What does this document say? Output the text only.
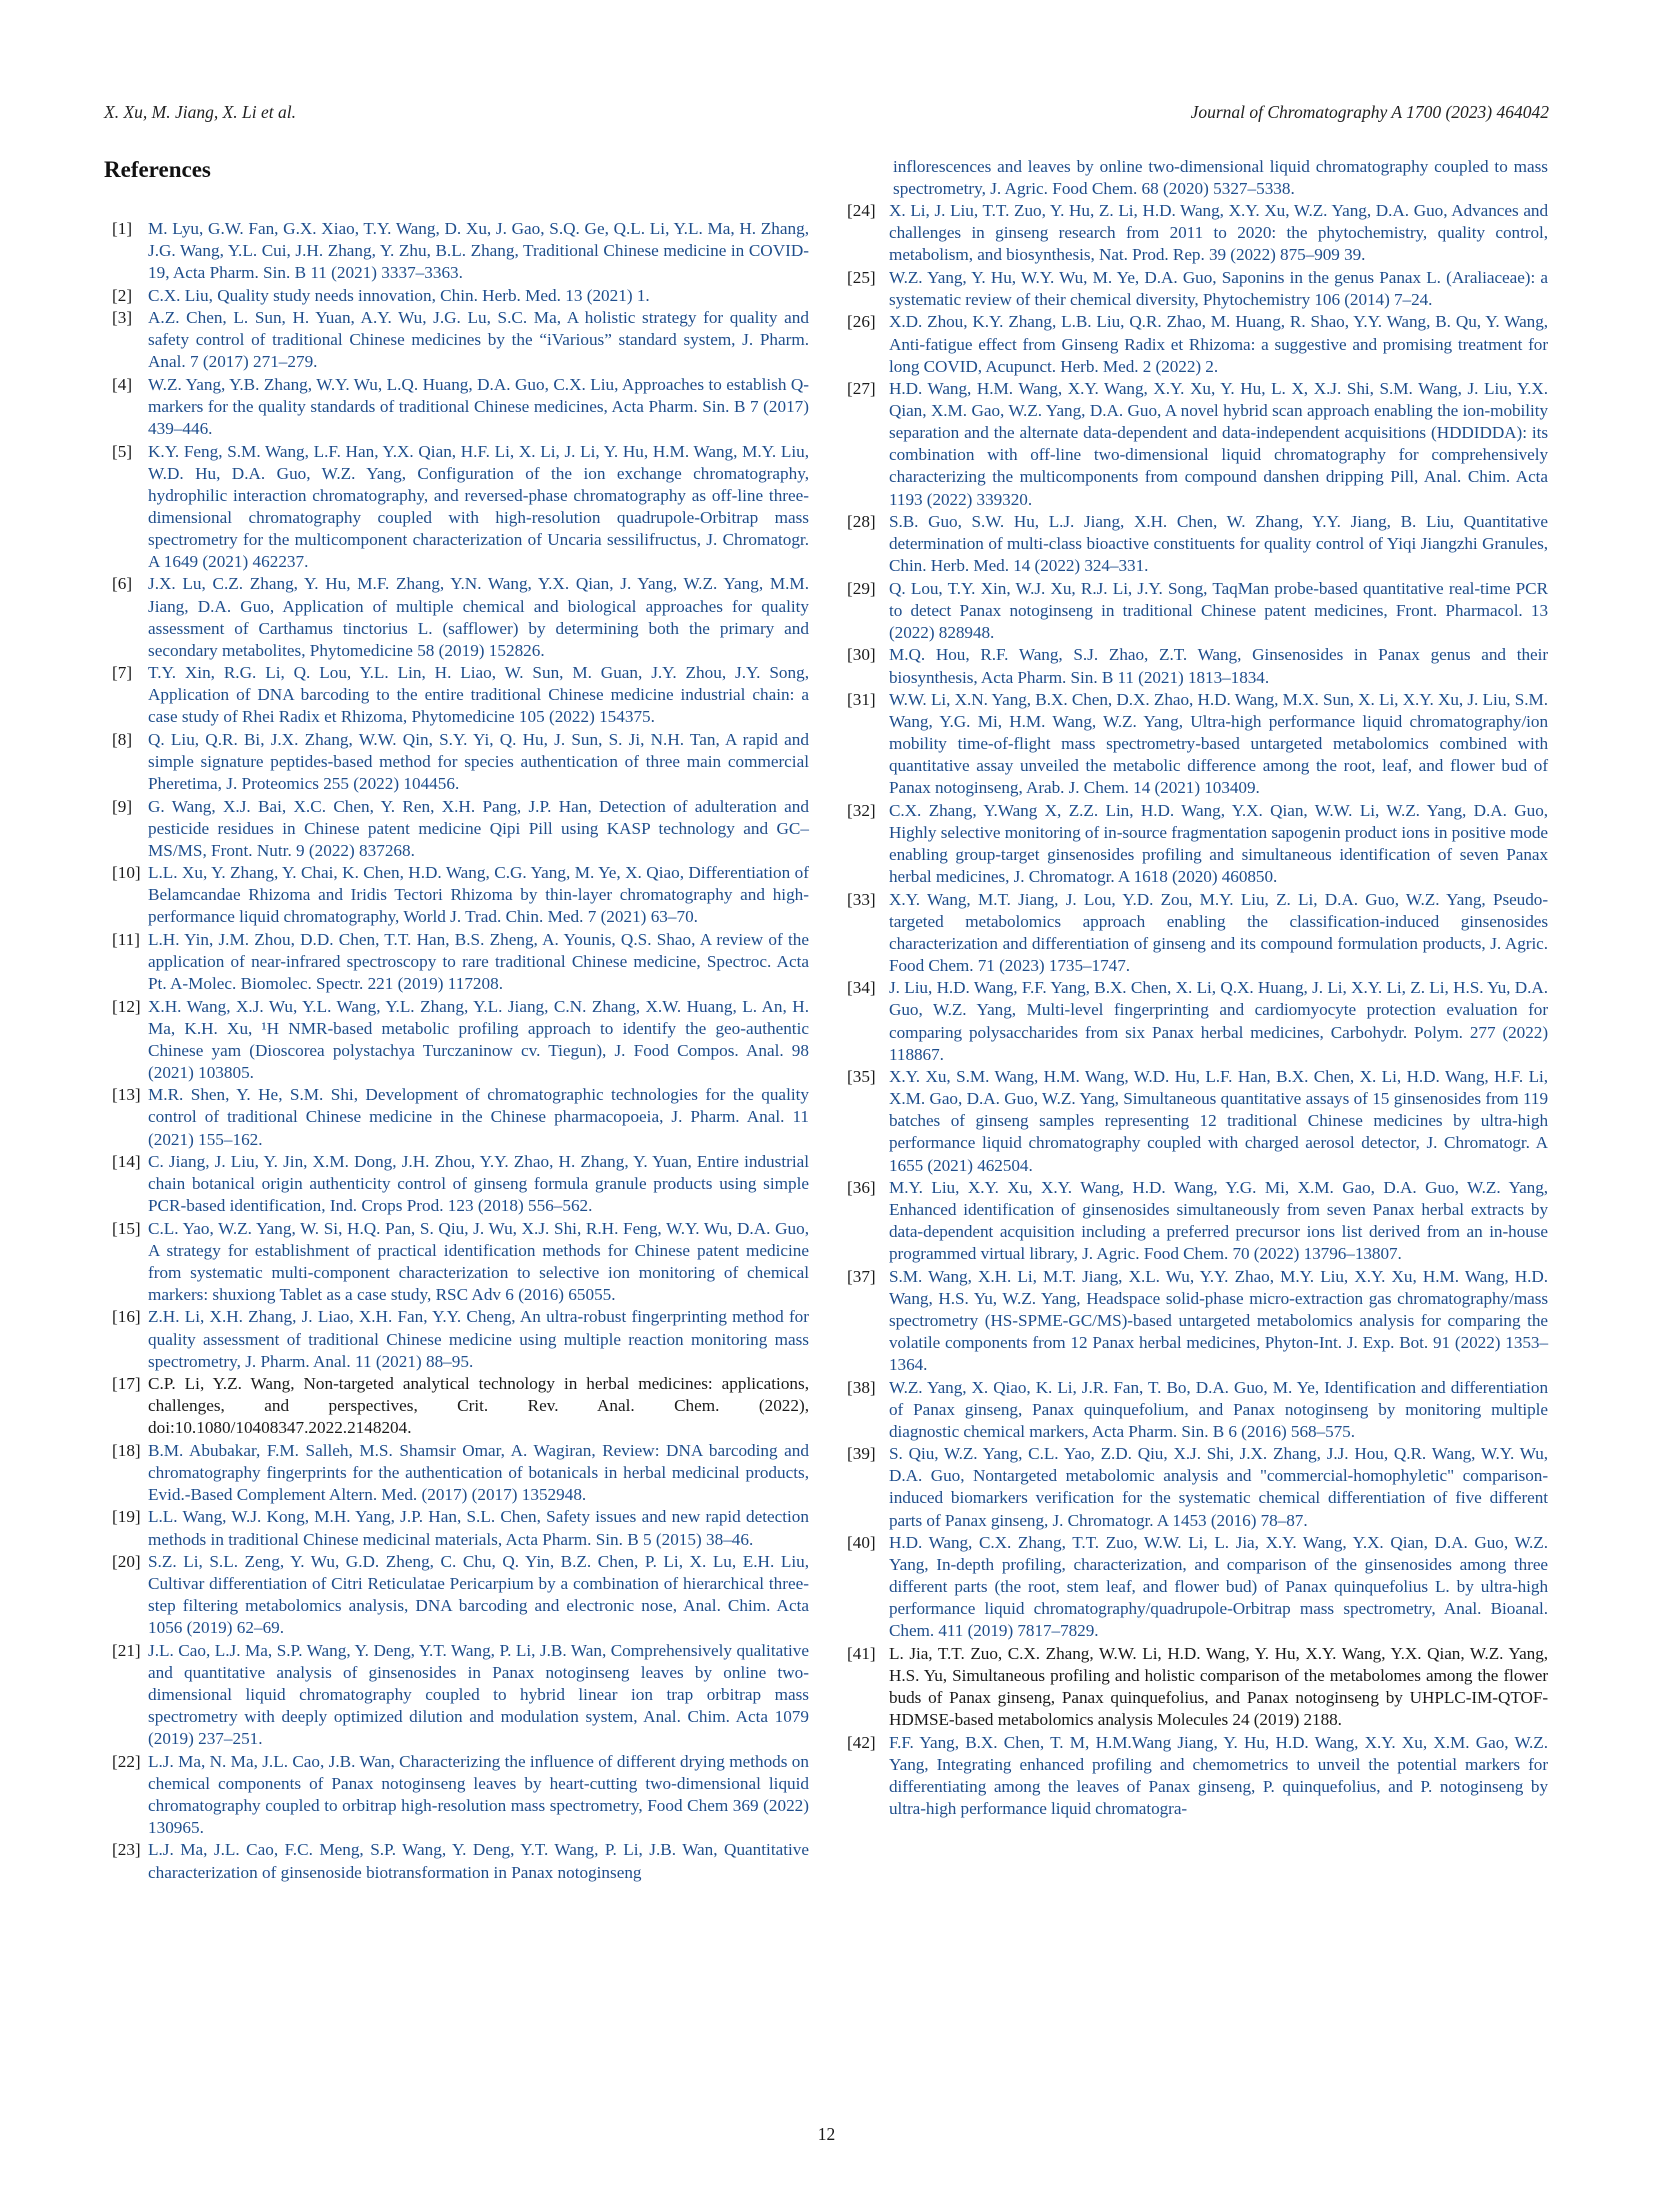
X. Xu, M. Jiang, X. Li et al.	Journal of Chromatography A 1700 (2023) 464042
References
[1] M. Lyu, G.W. Fan, G.X. Xiao, T.Y. Wang, D. Xu, J. Gao, S.Q. Ge, Q.L. Li, Y.L. Ma, H. Zhang, J.G. Wang, Y.L. Cui, J.H. Zhang, Y. Zhu, B.L. Zhang, Traditional Chinese medicine in COVID-19, Acta Pharm. Sin. B 11 (2021) 3337–3363.
[2] C.X. Liu, Quality study needs innovation, Chin. Herb. Med. 13 (2021) 1.
[3] A.Z. Chen, L. Sun, H. Yuan, A.Y. Wu, J.G. Lu, S.C. Ma, A holistic strategy for quality and safety control of traditional Chinese medicines by the “iVarious” standard system, J. Pharm. Anal. 7 (2017) 271–279.
[4] W.Z. Yang, Y.B. Zhang, W.Y. Wu, L.Q. Huang, D.A. Guo, C.X. Liu, Approaches to establish Q-markers for the quality standards of traditional Chinese medicines, Acta Pharm. Sin. B 7 (2017) 439–446.
[5] K.Y. Feng, S.M. Wang, L.F. Han, Y.X. Qian, H.F. Li, X. Li, J. Li, Y. Hu, H.M. Wang, M.Y. Liu, W.D. Hu, D.A. Guo, W.Z. Yang, Configuration of the ion exchange chromatography, hydrophilic interaction chromatography, and reversed-phase chromatography as off-line three-dimensional chromatography coupled with high-resolution quadrupole-Orbitrap mass spectrometry for the multicomponent characterization of Uncaria sessilifructus, J. Chromatogr. A 1649 (2021) 462237.
[6] J.X. Lu, C.Z. Zhang, Y. Hu, M.F. Zhang, Y.N. Wang, Y.X. Qian, J. Yang, W.Z. Yang, M.M. Jiang, D.A. Guo, Application of multiple chemical and biological approaches for quality assessment of Carthamus tinctorius L. (safflower) by determining both the primary and secondary metabolites, Phytomedicine 58 (2019) 152826.
[7] T.Y. Xin, R.G. Li, Q. Lou, Y.L. Lin, H. Liao, W. Sun, M. Guan, J.Y. Zhou, J.Y. Song, Application of DNA barcoding to the entire traditional Chinese medicine industrial chain: a case study of Rhei Radix et Rhizoma, Phytomedicine 105 (2022) 154375.
[8] Q. Liu, Q.R. Bi, J.X. Zhang, W.W. Qin, S.Y. Yi, Q. Hu, J. Sun, S. Ji, N.H. Tan, A rapid and simple signature peptides-based method for species authentication of three main commercial Pheretima, J. Proteomics 255 (2022) 104456.
[9] G. Wang, X.J. Bai, X.C. Chen, Y. Ren, X.H. Pang, J.P. Han, Detection of adulteration and pesticide residues in Chinese patent medicine Qipi Pill using KASP technology and GC–MS/MS, Front. Nutr. 9 (2022) 837268.
[10] L.L. Xu, Y. Zhang, Y. Chai, K. Chen, H.D. Wang, C.G. Yang, M. Ye, X. Qiao, Differentiation of Belamcandae Rhizoma and Iridis Tectori Rhizoma by thin-layer chromatography and high-performance liquid chromatography, World J. Trad. Chin. Med. 7 (2021) 63–70.
[11] L.H. Yin, J.M. Zhou, D.D. Chen, T.T. Han, B.S. Zheng, A. Younis, Q.S. Shao, A review of the application of near-infrared spectroscopy to rare traditional Chinese medicine, Spectroc. Acta Pt. A-Molec. Biomolec. Spectr. 221 (2019) 117208.
[12] X.H. Wang, X.J. Wu, Y.L. Wang, Y.L. Zhang, Y.L. Jiang, C.N. Zhang, X.W. Huang, L. An, H. Ma, K.H. Xu, ¹H NMR-based metabolic profiling approach to identify the geo-authentic Chinese yam (Dioscorea polystachya Turczaninow cv. Tiegun), J. Food Compos. Anal. 98 (2021) 103805.
[13] M.R. Shen, Y. He, S.M. Shi, Development of chromatographic technologies for the quality control of traditional Chinese medicine in the Chinese pharmacopoeia, J. Pharm. Anal. 11 (2021) 155–162.
[14] C. Jiang, J. Liu, Y. Jin, X.M. Dong, J.H. Zhou, Y.Y. Zhao, H. Zhang, Y. Yuan, Entire industrial chain botanical origin authenticity control of ginseng formula granule products using simple PCR-based identification, Ind. Crops Prod. 123 (2018) 556–562.
[15] C.L. Yao, W.Z. Yang, W. Si, H.Q. Pan, S. Qiu, J. Wu, X.J. Shi, R.H. Feng, W.Y. Wu, D.A. Guo, A strategy for establishment of practical identification methods for Chinese patent medicine from systematic multi-component characterization to selective ion monitoring of chemical markers: shuxiong Tablet as a case study, RSC Adv 6 (2016) 65055.
[16] Z.H. Li, X.H. Zhang, J. Liao, X.H. Fan, Y.Y. Cheng, An ultra-robust fingerprinting method for quality assessment of traditional Chinese medicine using multiple reaction monitoring mass spectrometry, J. Pharm. Anal. 11 (2021) 88–95.
[17] C.P. Li, Y.Z. Wang, Non-targeted analytical technology in herbal medicines: applications, challenges, and perspectives, Crit. Rev. Anal. Chem. (2022), doi:10.1080/10408347.2022.2148204.
[18] B.M. Abubakar, F.M. Salleh, M.S. Shamsir Omar, A. Wagiran, Review: DNA barcoding and chromatography fingerprints for the authentication of botanicals in herbal medicinal products, Evid.-Based Complement Altern. Med. (2017) (2017) 1352948.
[19] L.L. Wang, W.J. Kong, M.H. Yang, J.P. Han, S.L. Chen, Safety issues and new rapid detection methods in traditional Chinese medicinal materials, Acta Pharm. Sin. B 5 (2015) 38–46.
[20] S.Z. Li, S.L. Zeng, Y. Wu, G.D. Zheng, C. Chu, Q. Yin, B.Z. Chen, P. Li, X. Lu, E.H. Liu, Cultivar differentiation of Citri Reticulatae Pericarpium by a combination of hierarchical three-step filtering metabolomics analysis, DNA barcoding and electronic nose, Anal. Chim. Acta 1056 (2019) 62–69.
[21] J.L. Cao, L.J. Ma, S.P. Wang, Y. Deng, Y.T. Wang, P. Li, J.B. Wan, Comprehensively qualitative and quantitative analysis of ginsenosides in Panax notoginseng leaves by online two-dimensional liquid chromatography coupled to hybrid linear ion trap orbitrap mass spectrometry with deeply optimized dilution and modulation system, Anal. Chim. Acta 1079 (2019) 237–251.
[22] L.J. Ma, N. Ma, J.L. Cao, J.B. Wan, Characterizing the influence of different drying methods on chemical components of Panax notoginseng leaves by heart-cutting two-dimensional liquid chromatography coupled to orbitrap high-resolution mass spectrometry, Food Chem 369 (2022) 130965.
[23] L.J. Ma, J.L. Cao, F.C. Meng, S.P. Wang, Y. Deng, Y.T. Wang, P. Li, J.B. Wan, Quantitative characterization of ginsenoside biotransformation in Panax notoginseng
inflorescences and leaves by online two-dimensional liquid chromatography coupled to mass spectrometry, J. Agric. Food Chem. 68 (2020) 5327–5338.
[24] X. Li, J. Liu, T.T. Zuo, Y. Hu, Z. Li, H.D. Wang, X.Y. Xu, W.Z. Yang, D.A. Guo, Advances and challenges in ginseng research from 2011 to 2020: the phytochemistry, quality control, metabolism, and biosynthesis, Nat. Prod. Rep. 39 (2022) 875–909 39.
[25] W.Z. Yang, Y. Hu, W.Y. Wu, M. Ye, D.A. Guo, Saponins in the genus Panax L. (Araliaceae): a systematic review of their chemical diversity, Phytochemistry 106 (2014) 7–24.
[26] X.D. Zhou, K.Y. Zhang, L.B. Liu, Q.R. Zhao, M. Huang, R. Shao, Y.Y. Wang, B. Qu, Y. Wang, Anti-fatigue effect from Ginseng Radix et Rhizoma: a suggestive and promising treatment for long COVID, Acupunct. Herb. Med. 2 (2022) 2.
[27] H.D. Wang, H.M. Wang, X.Y. Wang, X.Y. Xu, Y. Hu, L. X, X.J. Shi, S.M. Wang, J. Liu, Y.X. Qian, X.M. Gao, W.Z. Yang, D.A. Guo, A novel hybrid scan approach enabling the ion-mobility separation and the alternate data-dependent and data-independent acquisitions (HDDIDDA): its combination with off-line two-dimensional liquid chromatography for comprehensively characterizing the multicomponents from compound danshen dripping Pill, Anal. Chim. Acta 1193 (2022) 339320.
[28] S.B. Guo, S.W. Hu, L.J. Jiang, X.H. Chen, W. Zhang, Y.Y. Jiang, B. Liu, Quantitative determination of multi-class bioactive constituents for quality control of Yiqi Jiangzhi Granules, Chin. Herb. Med. 14 (2022) 324–331.
[29] Q. Lou, T.Y. Xin, W.J. Xu, R.J. Li, J.Y. Song, TaqMan probe-based quantitative real-time PCR to detect Panax notoginseng in traditional Chinese patent medicines, Front. Pharmacol. 13 (2022) 828948.
[30] M.Q. Hou, R.F. Wang, S.J. Zhao, Z.T. Wang, Ginsenosides in Panax genus and their biosynthesis, Acta Pharm. Sin. B 11 (2021) 1813–1834.
[31] W.W. Li, X.N. Yang, B.X. Chen, D.X. Zhao, H.D. Wang, M.X. Sun, X. Li, X.Y. Xu, J. Liu, S.M. Wang, Y.G. Mi, H.M. Wang, W.Z. Yang, Ultra-high performance liquid chromatography/ion mobility time-of-flight mass spectrometry-based untargeted metabolomics combined with quantitative assay unveiled the metabolic difference among the root, leaf, and flower bud of Panax notoginseng, Arab. J. Chem. 14 (2021) 103409.
[32] C.X. Zhang, Y.Wang X, Z.Z. Lin, H.D. Wang, Y.X. Qian, W.W. Li, W.Z. Yang, D.A. Guo, Highly selective monitoring of in-source fragmentation sapogenin product ions in positive mode enabling group-target ginsenosides profiling and simultaneous identification of seven Panax herbal medicines, J. Chromatogr. A 1618 (2020) 460850.
[33] X.Y. Wang, M.T. Jiang, J. Lou, Y.D. Zou, M.Y. Liu, Z. Li, D.A. Guo, W.Z. Yang, Pseudo-targeted metabolomics approach enabling the classification-induced ginsenosides characterization and differentiation of ginseng and its compound formulation products, J. Agric. Food Chem. 71 (2023) 1735–1747.
[34] J. Liu, H.D. Wang, F.F. Yang, B.X. Chen, X. Li, Q.X. Huang, J. Li, X.Y. Li, Z. Li, H.S. Yu, D.A. Guo, W.Z. Yang, Multi-level fingerprinting and cardiomyocyte protection evaluation for comparing polysaccharides from six Panax herbal medicines, Carbohydr. Polym. 277 (2022) 118867.
[35] X.Y. Xu, S.M. Wang, H.M. Wang, W.D. Hu, L.F. Han, B.X. Chen, X. Li, H.D. Wang, H.F. Li, X.M. Gao, D.A. Guo, W.Z. Yang, Simultaneous quantitative assays of 15 ginsenosides from 119 batches of ginseng samples representing 12 traditional Chinese medicines by ultra-high performance liquid chromatography coupled with charged aerosol detector, J. Chromatogr. A 1655 (2021) 462504.
[36] M.Y. Liu, X.Y. Xu, X.Y. Wang, H.D. Wang, Y.G. Mi, X.M. Gao, D.A. Guo, W.Z. Yang, Enhanced identification of ginsenosides simultaneously from seven Panax herbal extracts by data-dependent acquisition including a preferred precursor ions list derived from an in-house programmed virtual library, J. Agric. Food Chem. 70 (2022) 13796–13807.
[37] S.M. Wang, X.H. Li, M.T. Jiang, X.L. Wu, Y.Y. Zhao, M.Y. Liu, X.Y. Xu, H.M. Wang, H.D. Wang, H.S. Yu, W.Z. Yang, Headspace solid-phase micro-extraction gas chromatography/mass spectrometry (HS-SPME-GC/MS)-based untargeted metabolomics analysis for comparing the volatile components from 12 Panax herbal medicines, Phyton-Int. J. Exp. Bot. 91 (2022) 1353–1364.
[38] W.Z. Yang, X. Qiao, K. Li, J.R. Fan, T. Bo, D.A. Guo, M. Ye, Identification and differentiation of Panax ginseng, Panax quinquefolium, and Panax notoginseng by monitoring multiple diagnostic chemical markers, Acta Pharm. Sin. B 6 (2016) 568–575.
[39] S. Qiu, W.Z. Yang, C.L. Yao, Z.D. Qiu, X.J. Shi, J.X. Zhang, J.J. Hou, Q.R. Wang, W.Y. Wu, D.A. Guo, Nontargeted metabolomic analysis and "commercial-homophyletic" comparison-induced biomarkers verification for the systematic chemical differentiation of five different parts of Panax ginseng, J. Chromatogr. A 1453 (2016) 78–87.
[40] H.D. Wang, C.X. Zhang, T.T. Zuo, W.W. Li, L. Jia, X.Y. Wang, Y.X. Qian, D.A. Guo, W.Z. Yang, In-depth profiling, characterization, and comparison of the ginsenosides among three different parts (the root, stem leaf, and flower bud) of Panax quinquefolius L. by ultra-high performance liquid chromatography/quadrupole-Orbitrap mass spectrometry, Anal. Bioanal. Chem. 411 (2019) 7817–7829.
[41] L. Jia, T.T. Zuo, C.X. Zhang, W.W. Li, H.D. Wang, Y. Hu, X.Y. Wang, Y.X. Qian, W.Z. Yang, H.S. Yu, Simultaneous profiling and holistic comparison of the metabolomes among the flower buds of Panax ginseng, Panax quinquefolius, and Panax notoginseng by UHPLC-IM-QTOF-HDMSE-based metabolomics analysis Molecules 24 (2019) 2188.
[42] F.F. Yang, B.X. Chen, T. M, H.M.Wang Jiang, Y. Hu, H.D. Wang, X.Y. Xu, X.M. Gao, W.Z. Yang, Integrating enhanced profiling and chemometrics to unveil the potential markers for differentiating among the leaves of Panax ginseng, P. quinquefolius, and P. notoginseng by ultra-high performance liquid chromatogra-
12
